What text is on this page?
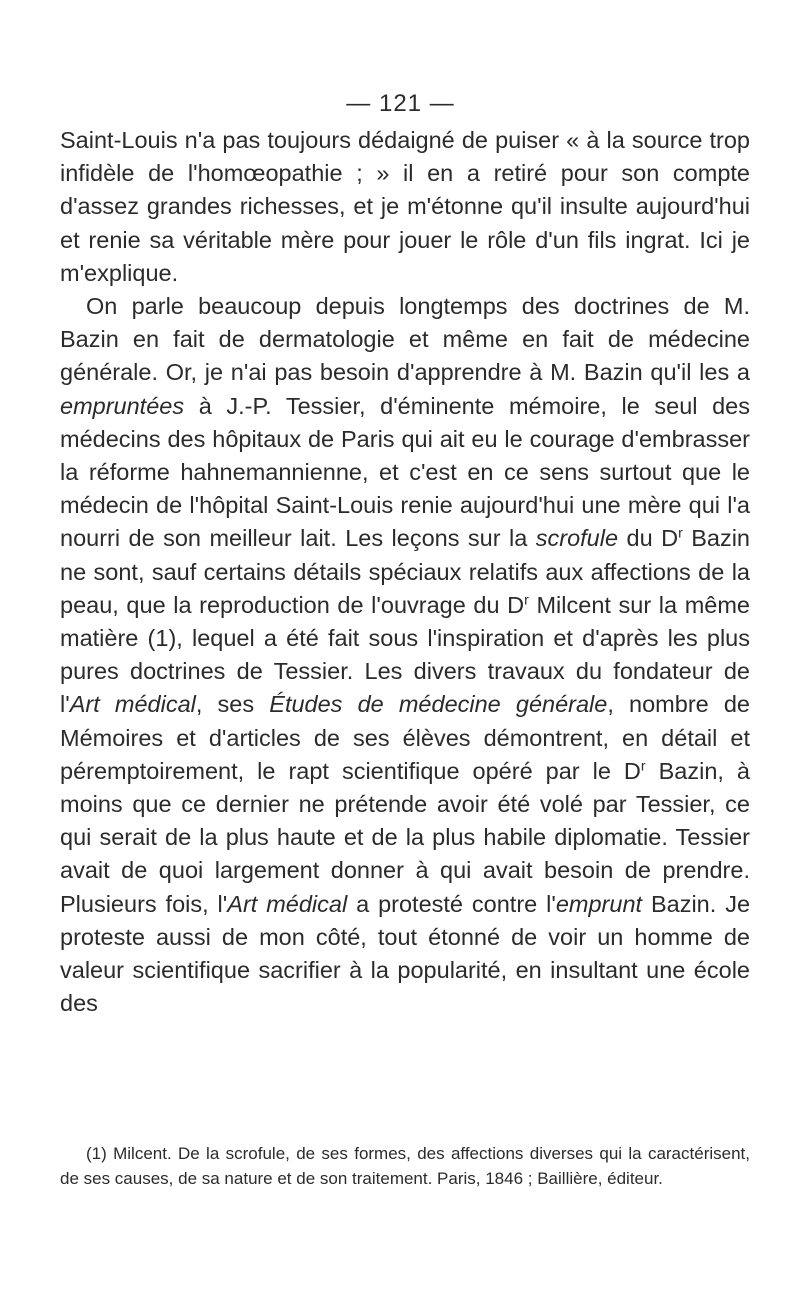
— 121 —

Saint-Louis n'a pas toujours dédaigné de puiser « à la source trop infidèle de l'homœopathie ; » il en a retiré pour son compte d'assez grandes richesses, et je m'étonne qu'il insulte aujourd'hui et renie sa véritable mère pour jouer le rôle d'un fils ingrat. Ici je m'explique.

On parle beaucoup depuis longtemps des doctrines de M. Bazin en fait de dermatologie et même en fait de médecine générale. Or, je n'ai pas besoin d'apprendre à M. Bazin qu'il les a empruntées à J.-P. Tessier, d'éminente mémoire, le seul des médecins des hôpitaux de Paris qui ait eu le courage d'embrasser la réforme hahnemannienne, et c'est en ce sens surtout que le médecin de l'hôpital Saint-Louis renie aujourd'hui une mère qui l'a nourri de son meilleur lait. Les leçons sur la scrofule du $D^r$ Bazin ne sont, sauf certains détails spéciaux relatifs aux affections de la peau, que la reproduction de l'ouvrage du $D^r$ Milcent sur la même matière (1), lequel a été fait sous l'inspiration et d'après les plus pures doctrines de Tessier. Les divers travaux du fondateur de l'Art médical, ses Études de médecine générale, nombre de Mémoires et d'articles de ses élèves démontrent, en détail et péremptoirement, le rapt scientifique opéré par le $D^r$ Bazin, à moins que ce dernier ne prétende avoir été volé par Tessier, ce qui serait de la plus haute et de la plus habile diplomatie. Tessier avait de quoi largement donner à qui avait besoin de prendre. Plusieurs fois, l'Art médical a protesté contre l'emprunt Bazin. Je proteste aussi de mon côté, tout étonné de voir un homme de valeur scientifique sacrifier à la popularité, en insultant une école des

(1) Milcent. De la scrofule, de ses formes, des affections diverses qui la caractérisent, de ses causes, de sa nature et de son traitement. Paris, 1846 ; Baillière, éditeur.
